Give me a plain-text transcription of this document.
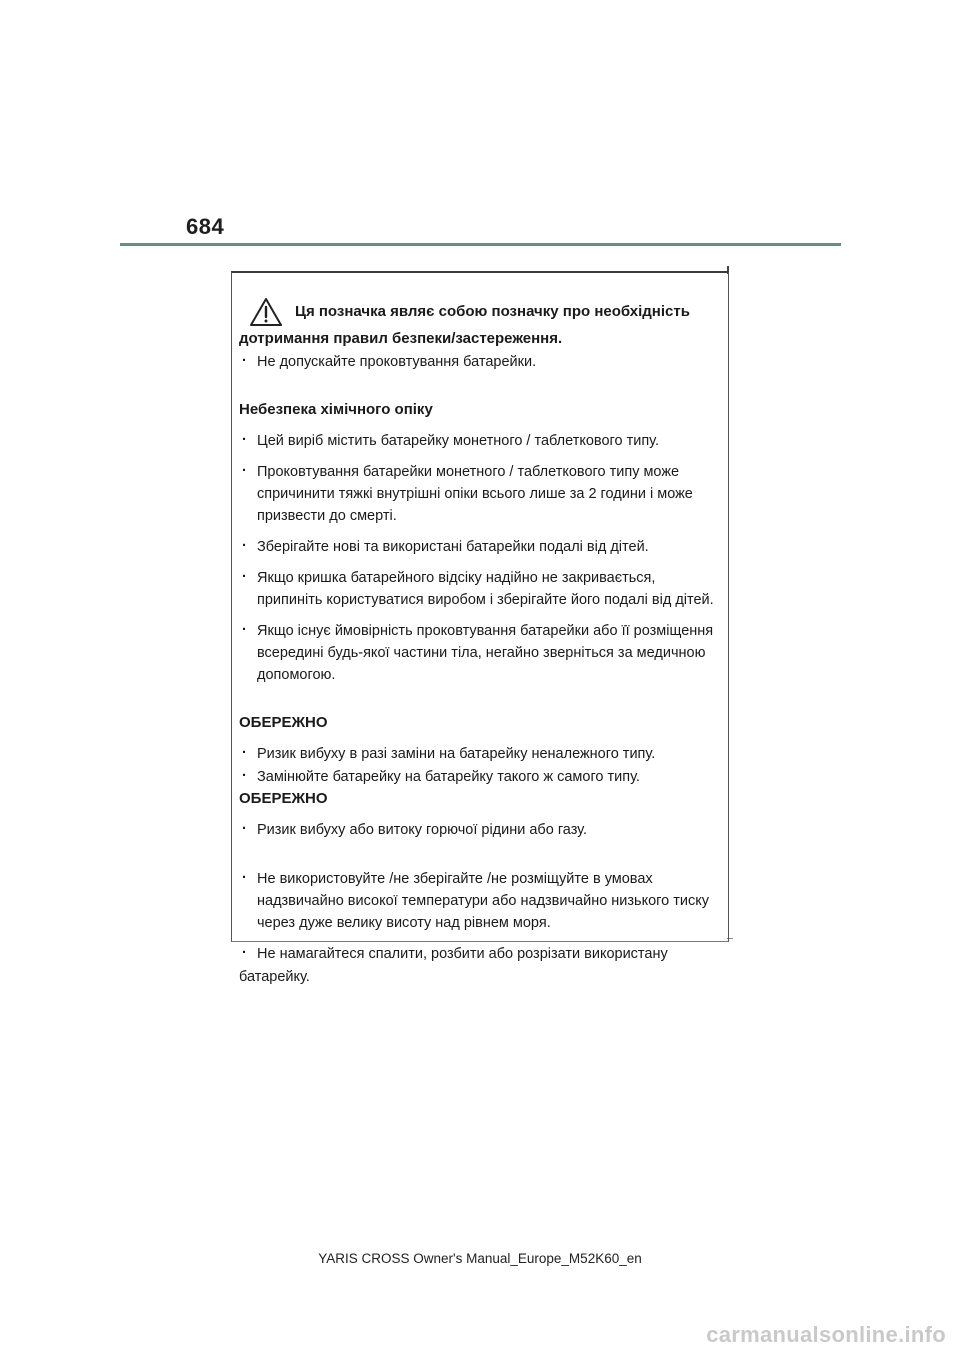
684
Ця позначка являє собою позначку про необхідність
дотримання правил безпеки/застереження.
· Не допускайте проковтування батарейки.
Небезпека хімічного опіку
· Цей виріб містить батарейку монетного / таблеткового типу.
· Проковтування батарейки монетного / таблеткового типу може спричинити тяжкі внутрішні опіки всього лише за 2 години і може призвести до смерті.
· Зберігайте нові та використані батарейки подалі від дітей.
· Якщо кришка батарейного відсіку надійно не закривається, припиніть користуватися виробом і зберігайте його подалі від дітей.
· Якщо існує ймовірність проковтування батарейки або її розміщення всередині будь-якої частини тіла, негайно зверніться за медичною допомогою.
ОБЕРЕЖНО
· Ризик вибуху в разі заміни на батарейку неналежного типу.
· Замінюйте батарейку на батарейку такого ж самого типу.
ОБЕРЕЖНО
· Ризик вибуху або витоку горючої рідини або газу.
· Не використовуйте /не зберігайте /не розміщуйте в умовах надзвичайно високої температури або надзвичайно низького тиску через дуже велику висоту над рівнем моря.
· Не намагайтеся спалити, розбити або розрізати використану
батарейку.
YARIS CROSS Owner's Manual_Europe_M52K60_en
carmanualsonline.info
